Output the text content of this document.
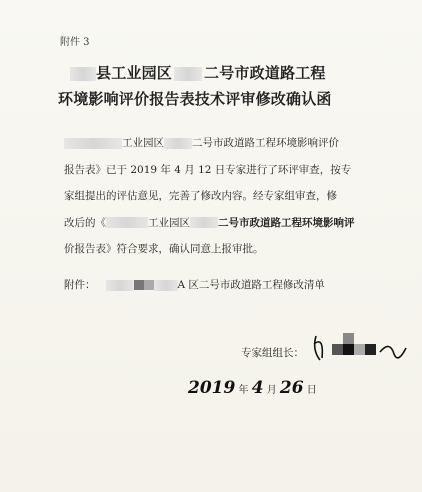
附件 3
县工业园区 二号市政道路工程
环境影响评价报告表技术评审修改确认函
工业园区	二号市政道路工程环境影响评价
报告表》已于 2019 年 4 月 12 日专家进行了环评审查，按专
家组提出的评估意见，完善了修改内容。经专家组审查，修
改后的《	工业园区	二号市政道路工程环境影响评
价报告表》符合要求，确认同意上报审批。
附件：	A 区二号市政道路工程修改清单
专家组组长：
2019 年 4 月 26 日
